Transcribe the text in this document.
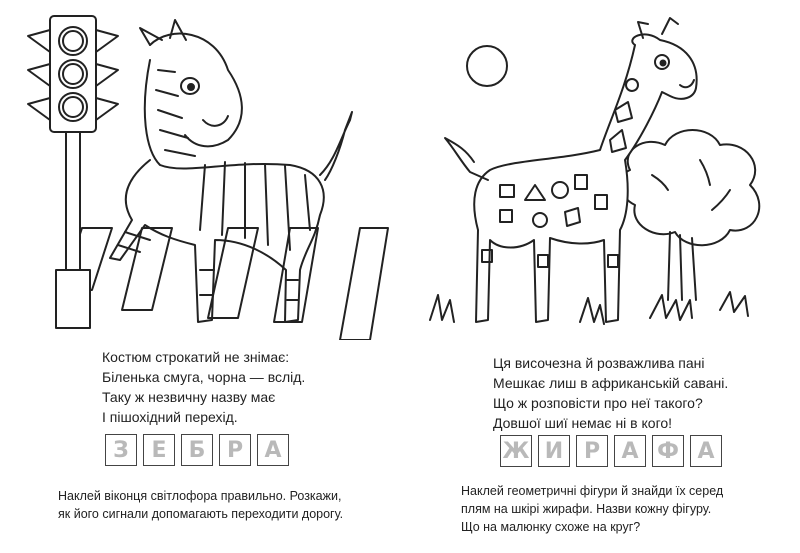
Костюм строкатий не знімає:
Біленька смуга, чорна — вслід.
Таку ж незвичну назву має
І пішохідний перехід.
З	Е	Б Р А
Наклей віконця світлофора правильно. Розкажи,
як його сигнали допомагають переходити дорогу.
Ця височезна й розважлива пані
Мешкає лиш в африканській савані.
Що ж розповісти про неї такого?
Довшої шиї немає ні в кого!
Ж И Р А Ф А
Наклей геометричні фігури й знайди їх серед
плям на шкірі жирафи. Назви кожну фігуру.
Що на малюнку схоже на круг?
